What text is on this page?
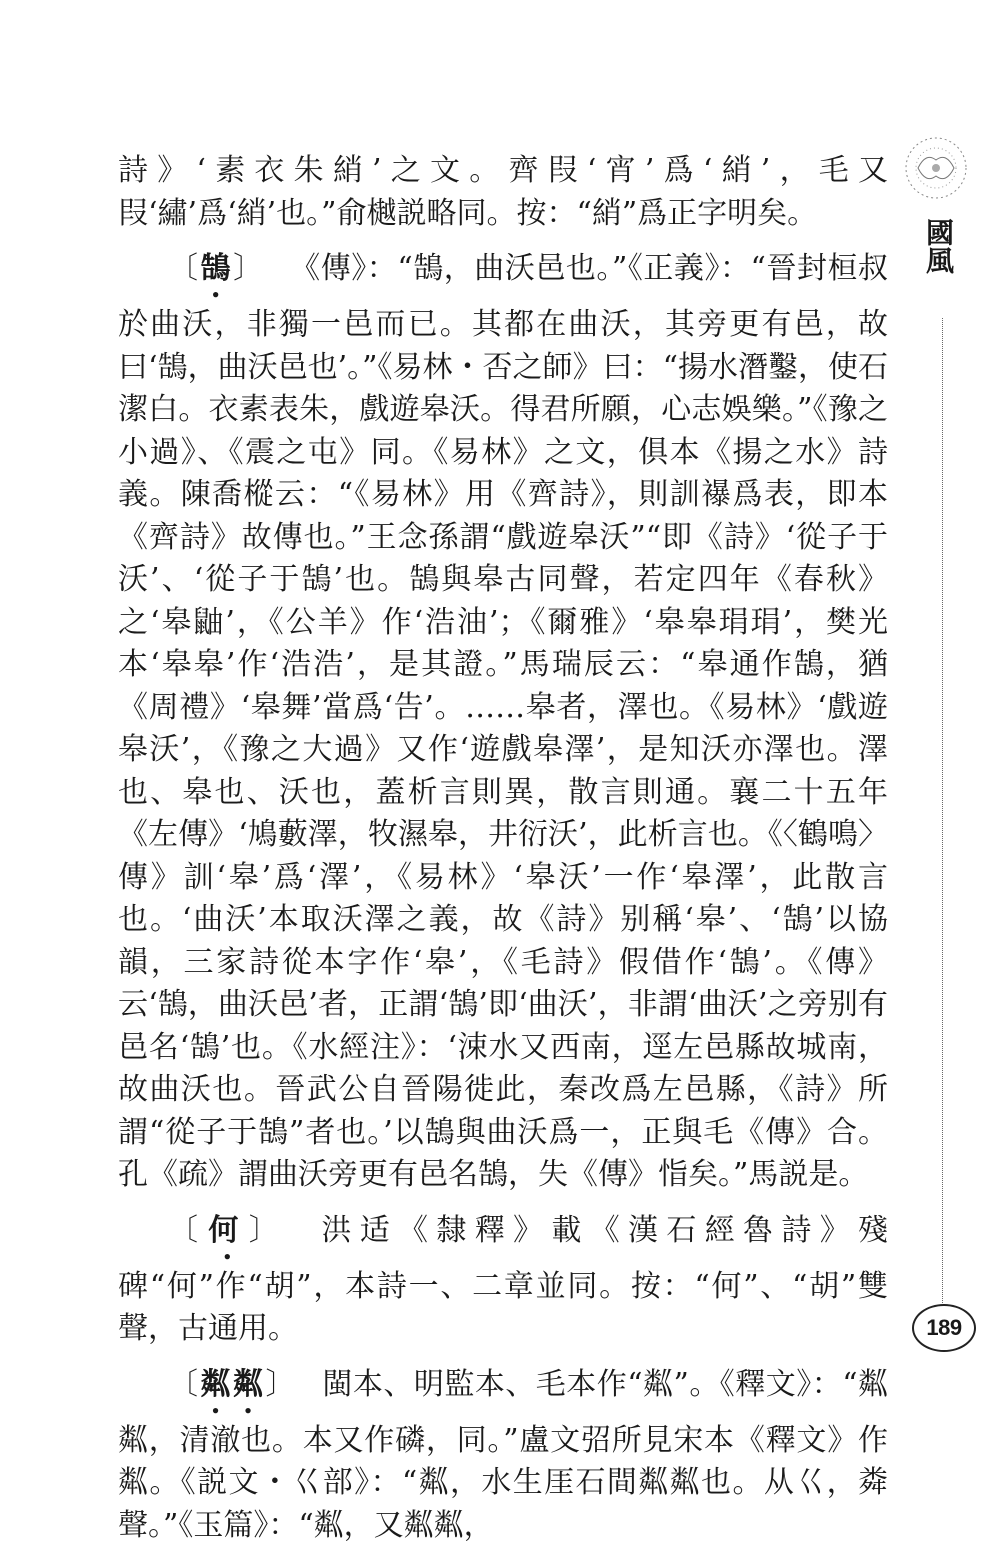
國風
189

詩》‘素衣朱綃’之文。齊叚‘宵’爲‘綃’，毛又叚‘繡’爲‘綃’也。”俞樾説略同。按：“綃”爲正字明矣。

〔鵠〕 《傳》：“鵠，曲沃邑也。”《正義》：“晉封桓叔於曲沃，非獨一邑而已。其都在曲沃，其旁更有邑，故曰‘鵠，曲沃邑也’。”《易林・否之師》曰：“揚水潛鑿，使石潔白。衣素表朱，戲遊皋沃。得君所願，心志娛樂。”《豫之小過》、《震之屯》同。《易林》之文，俱本《揚之水》詩義。陳喬樅云：“《易林》用《齊詩》，則訓襮爲表，即本《齊詩》故傳也。”王念孫謂“戲遊皋沃”“即《詩》‘從子于沃’、‘從子于鵠’也。鵠與皋古同聲，若定四年《春秋》之‘皋鼬’，《公羊》作‘浩油’；《爾雅》‘皋皋琄琄’，樊光本‘皋皋’作‘浩浩’，是其證。”馬瑞辰云：“皋通作鵠，猶《周禮》‘皋舞’當爲‘告’。……皋者，澤也。《易林》‘戲遊皋沃’，《豫之大過》又作‘遊戲皋澤’，是知沃亦澤也。澤也、皋也、沃也，蓋析言則異，散言則通。襄二十五年《左傳》‘鳩藪澤，牧濕皋，井衍沃’，此析言也。《〈鶴鳴〉傳》訓‘皋’爲‘澤’，《易林》‘皋沃’一作‘皋澤’，此散言也。‘曲沃’本取沃澤之義，故《詩》别稱‘皋’、‘鵠’以協韻，三家詩從本字作‘皋’，《毛詩》假借作‘鵠’。《傳》云‘鵠，曲沃邑’者，正謂‘鵠’即‘曲沃’，非謂‘曲沃’之旁别有邑名‘鵠’也。《水經注》：‘涑水又西南，逕左邑縣故城南，故曲沃也。晉武公自晉陽徙此，秦改爲左邑縣，《詩》所謂“從子于鵠”者也。’以鵠與曲沃爲一，正與毛《傳》合。孔《疏》謂曲沃旁更有邑名鵠，失《傳》恉矣。”馬説是。

〔何〕 洪适《隸釋》載《漢石經魯詩》殘碑“何”作“胡”，本詩一、二章並同。按：“何”、“胡”雙聲，古通用。

〔粼粼〕 閩本、明監本、毛本作“粼”。《釋文》：“粼粼，清澈也。本又作磷，同。”盧文弨所見宋本《釋文》作粼。《説文・巜部》：“粼，水生厓石間粼粼也。从巜，粦聲。”《玉篇》：“粼，又粼粼，
